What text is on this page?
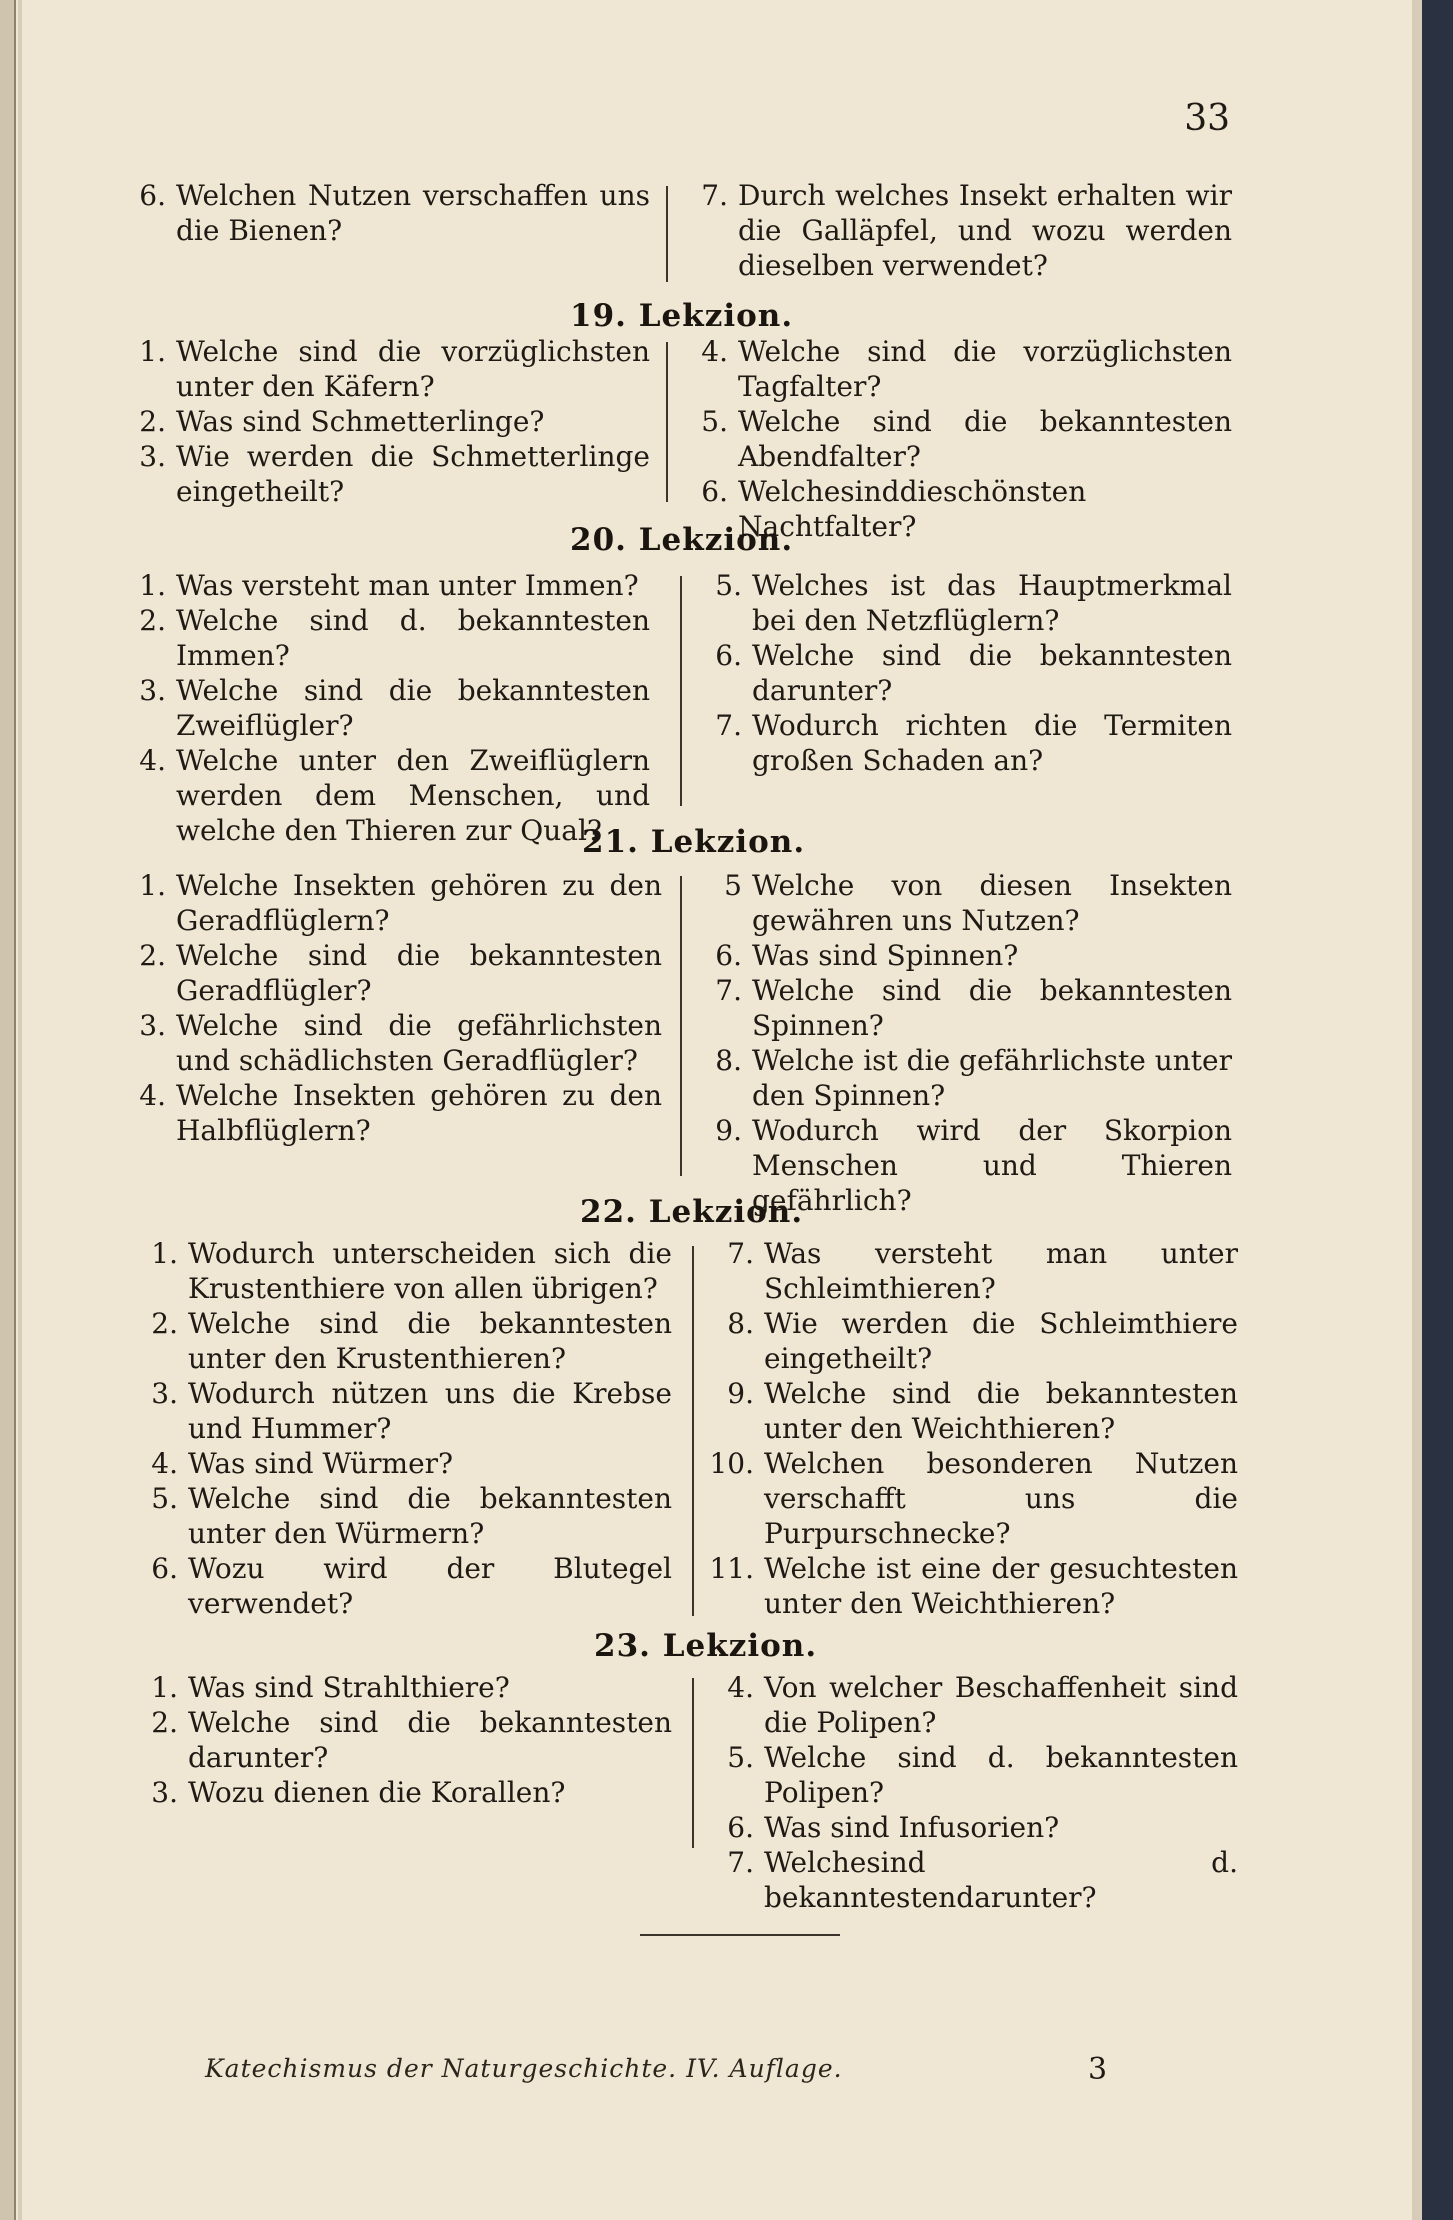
33
6. Welchen Nutzen verschaffen uns die Bienen?
7. Durch welches Insekt erhalten wir die Galläpfel, und wozu werden dieselben verwendet?
19. Lekzion.
1. Welche sind die vorzüglichsten unter den Käfern?
2. Was sind Schmetterlinge?
3. Wie werden die Schmetterlinge eingetheilt?
4. Welche sind die vorzüglichsten Tagfalter?
5. Welche sind die bekanntesten Abendfalter?
6. Welchesinddieschönsten Nachtfalter?
20. Lekzion.
1. Was versteht man unter Immen?
2. Welche sind d. bekanntesten Immen?
3. Welche sind die bekanntesten Zweiflügler?
4. Welche unter den Zweiflüglern werden dem Menschen, und welche den Thieren zur Qual?
5. Welches ist das Hauptmerkmal bei den Netzflüglern?
6. Welche sind die bekanntesten darunter?
7. Wodurch richten die Termiten großen Schaden an?
21. Lekzion.
1. Welche Insekten gehören zu den Geradflüglern?
2. Welche sind die bekanntesten Geradflügler?
3. Welche sind die gefährlichsten und schädlichsten Geradflügler?
4. Welche Insekten gehören zu den Halbflüglern?
5 Welche von diesen Insekten gewähren uns Nutzen?
6. Was sind Spinnen?
7. Welche sind die bekanntesten Spinnen?
8. Welche ist die gefährlichste unter den Spinnen?
9. Wodurch wird der Skorpion Menschen und Thieren gefährlich?
22. Lekzion.
1. Wodurch unterscheiden sich die Krustenthiere von allen übrigen?
2. Welche sind die bekanntesten unter den Krustenthieren?
3. Wodurch nützen uns die Krebse und Hummer?
4. Was sind Würmer?
5. Welche sind die bekanntesten unter den Würmern?
6. Wozu wird der Blutegel verwendet?
7. Was versteht man unter Schleimthieren?
8. Wie werden die Schleimthiere eingetheilt?
9. Welche sind die bekanntesten unter den Weichthieren?
10. Welchen besonderen Nutzen verschafft uns die Purpurschnecke?
11. Welche ist eine der gesuchtesten unter den Weichthieren?
23. Lekzion.
1. Was sind Strahlthiere?
2. Welche sind die bekanntesten darunter?
3. Wozu dienen die Korallen?
4. Von welcher Beschaffenheit sind die Polipen?
5. Welche sind d. bekanntesten Polipen?
6. Was sind Infusorien?
7. Welchesind d. bekanntestendarunter?
Katechismus der Naturgeschichte. IV. Auflage.	3
